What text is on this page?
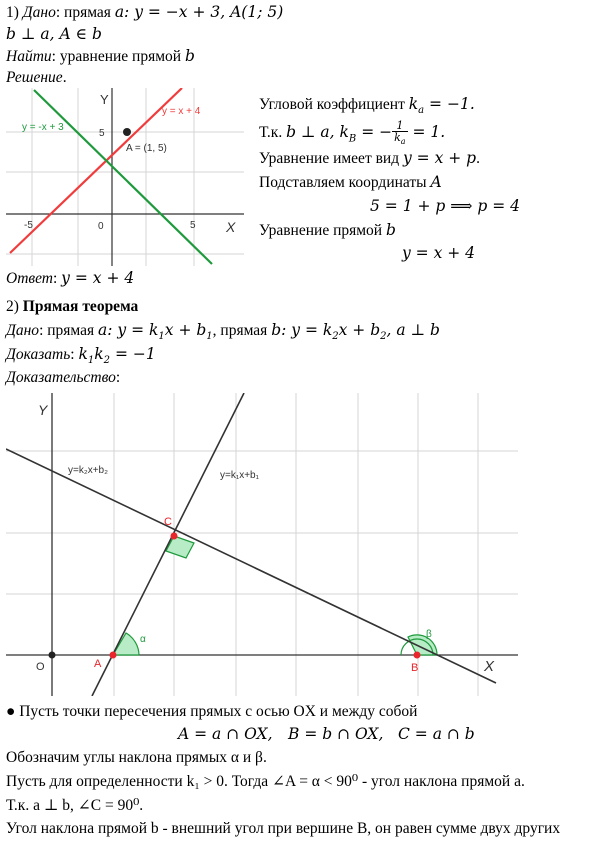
1) Дано: прямая a: y = −x + 3, A(1; 5)
b ⊥ a, A ∈ b
Найти: уравнение прямой b
Решение.
Y
X
0	5
-5
5
y = x + 4
y = -x + 3
A = (1, 5)
Угловой коэффициент $k_a = -1$.
Т.к. b ⊥ a, $k_B$ = − $\frac{1}{k_a} = 1$.
Уравнение имеет вид y = x + p.
Подставляем координаты A
5 = 1 + p ⟹ p = 4
Уравнение прямой b
y = x + 4
Ответ: y = x + 4
2) Прямая теорема
Дано: прямая a: $y = k_1x + b_1$, прямая b: $y = k_2x + b_2$, a ⊥ b
Доказать: $k_1k_2 = -1$
Доказательство:
Y
X
O	A	B
C
α	β
y=k₂x+b₂	y=k₁x+b₁
● Пусть точки пересечения прямых с осью OX и между собой
A = a ∩ OX, B = b ∩ OX, C = a ∩ b
Обозначим углы наклона прямых α и β.
Пусть для определенности k₁ > 0. Тогда ∠A = α < 90⁰ - угол наклона прямой a.
Т.к. a ⊥ b, ∠C = 90⁰.
Угол наклона прямой b - внешний угол при вершине B, он равен сумме двух других
